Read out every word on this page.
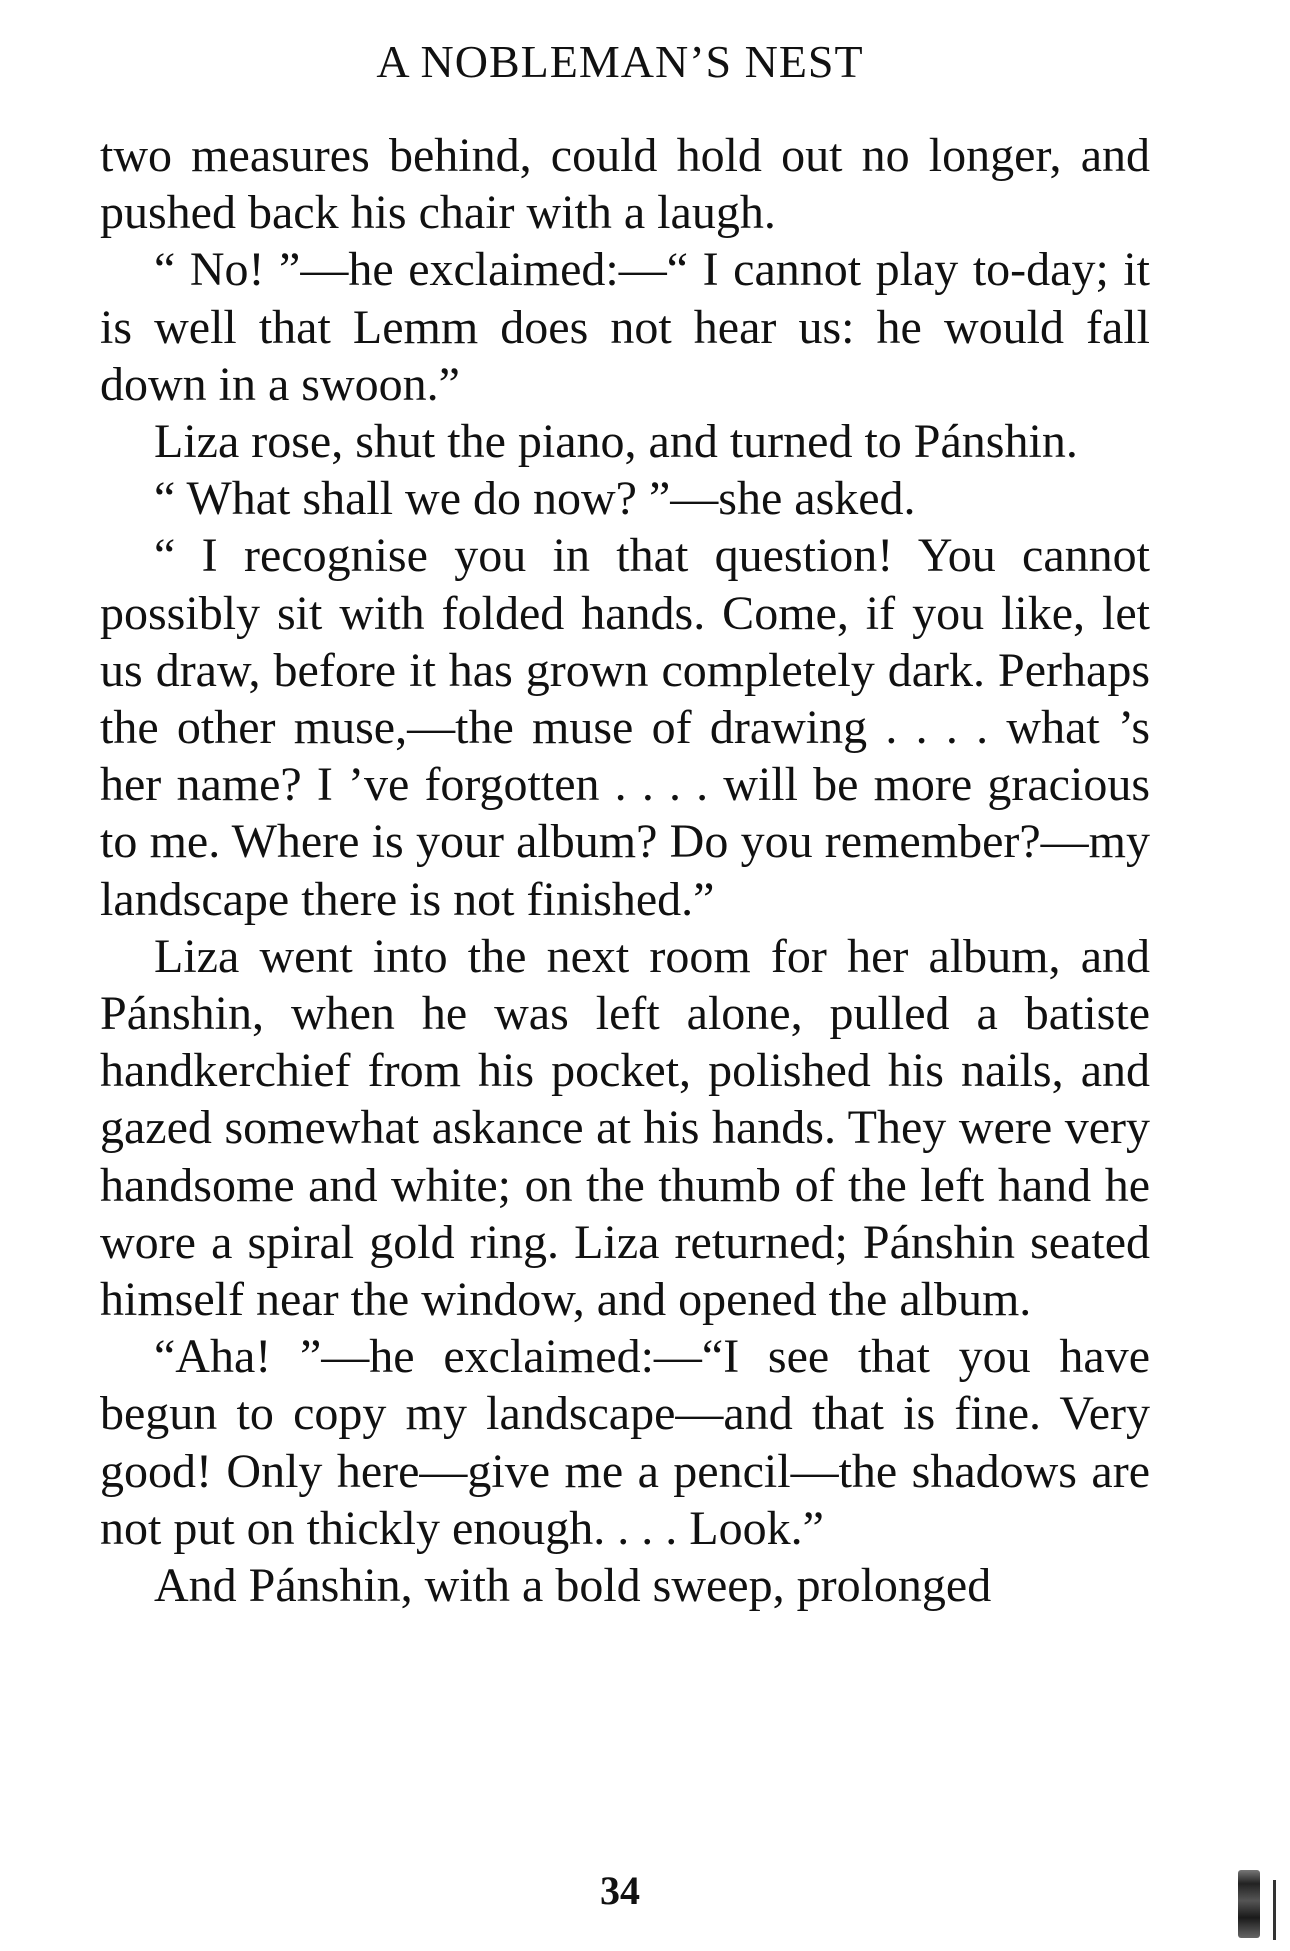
A NOBLEMAN’S NEST

two measures behind, could hold out no longer, and pushed back his chair with a laugh.

“ No! ”—he exclaimed:—“ I cannot play to-day; it is well that Lemm does not hear us: he would fall down in a swoon.”

Liza rose, shut the piano, and turned to Pánshin.

“ What shall we do now? ”—she asked.

“ I recognise you in that question! You cannot possibly sit with folded hands. Come, if you like, let us draw, before it has grown completely dark. Perhaps the other muse,—the muse of drawing . . . . what ’s her name? I ’ve forgotten . . . . will be more gracious to me. Where is your album? Do you remember?—my landscape there is not finished.”

Liza went into the next room for her album, and Pánshin, when he was left alone, pulled a batiste handkerchief from his pocket, polished his nails, and gazed somewhat askance at his hands. They were very handsome and white; on the thumb of the left hand he wore a spiral gold ring. Liza returned; Pánshin seated himself near the window, and opened the album.

“Aha! ”—he exclaimed:—“I see that you have begun to copy my landscape—and that is fine. Very good! Only here—give me a pencil—the shadows are not put on thickly enough. . . . Look.”

And Pánshin, with a bold sweep, prolonged

34
